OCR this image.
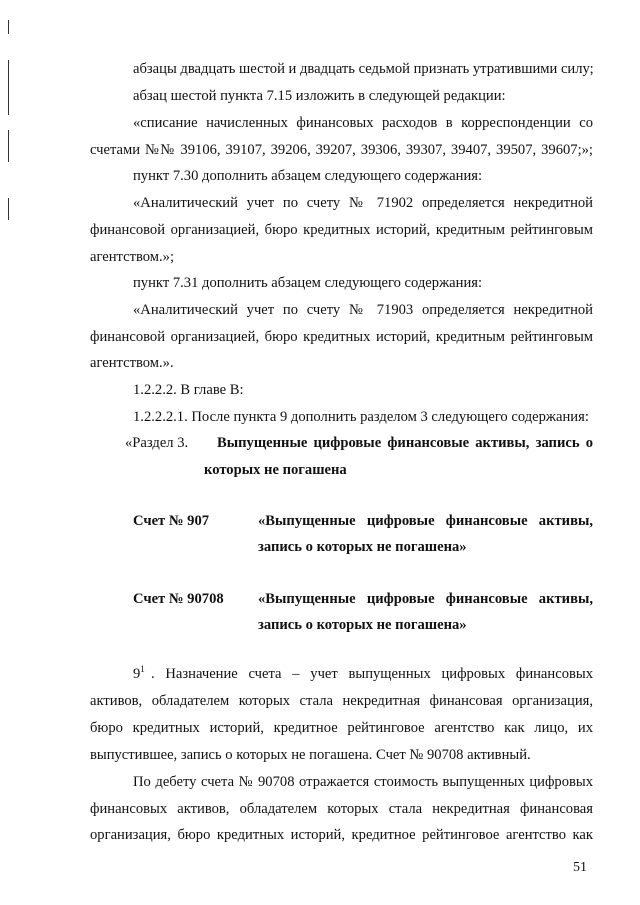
абзацы двадцать шестой и двадцать седьмой признать утратившими силу;
абзац шестой пункта 7.15 изложить в следующей редакции:
«списание начисленных финансовых расходов в корреспонденции со
счетами №№ 39106, 39107, 39206, 39207, 39306, 39307, 39407, 39507, 39607;»;
пункт 7.30 дополнить абзацем следующего содержания:
«Аналитический учет по счету № 71902 определяется некредитной
финансовой организацией, бюро кредитных историй, кредитным рейтинговым
агентством.»;
пункт 7.31 дополнить абзацем следующего содержания:
«Аналитический учет по счету № 71903 определяется некредитной
финансовой организацией, бюро кредитных историй, кредитным рейтинговым
агентством.».
1.2.2.2. В главе В:
1.2.2.2.1. После пункта 9 дополнить разделом 3 следующего содержания:
«Раздел 3. Выпущенные цифровые финансовые активы, запись о
которых не погашена
Счет № 907	«Выпущенные цифровые финансовые активы,
запись о которых не погашена»
Счет № 90708 «Выпущенные цифровые финансовые активы,
запись о которых не погашена»
$9^1$ . Назначение счета – учет выпущенных цифровых финансовых
активов, обладателем которых стала некредитная финансовая организация,
бюро кредитных историй, кредитное рейтинговое агентство как лицо, их
выпустившее, запись о которых не погашена. Счет № 90708 активный.
По дебету счета № 90708 отражается стоимость выпущенных цифровых
финансовых активов, обладателем которых стала некредитная финансовая
организация, бюро кредитных историй, кредитное рейтинговое агентство как
51
